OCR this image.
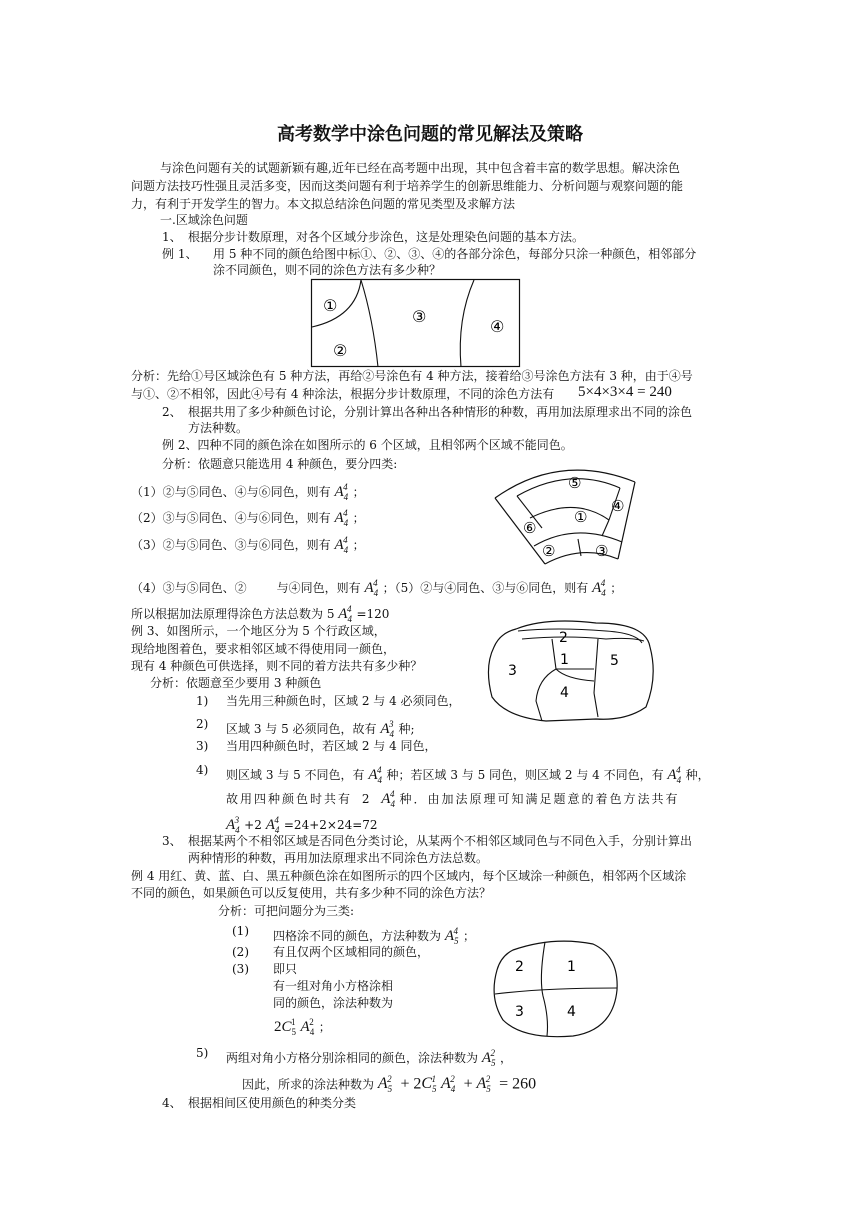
高考数学中涂色问题的常见解法及策略
与涂色问题有关的试题新颖有趣,近年已经在高考题中出现，其中包含着丰富的数学思想。解决涂色
问题方法技巧性强且灵活多变，因而这类问题有利于培养学生的创新思维能力、分析问题与观察问题的能
力，有利于开发学生的智力。本文拟总结涂色问题的常见类型及求解方法
一.区域涂色问题
1、 根据分步计数原理，对各个区域分步涂色，这是处理染色问题的基本方法。
例 1、 用 5 种不同的颜色给图中标①、②、③、④的各部分涂色，每部分只涂一种颜色，相邻部分
涂不同颜色，则不同的涂色方法有多少种？
①
②
③
④
分析：先给①号区域涂色有 5 种方法，再给②号涂色有 4 种方法，接着给③号涂色方法有 3 种，由于④号
与①、②不相邻，因此④号有 4 种涂法，根据分步计数原理，不同的涂色方法有 5×4×3×4 = 240
2、 根据共用了多少种颜色讨论，分别计算出各种出各种情形的种数，再用加法原理求出不同的涂色
方法种数。
例 2、四种不同的颜色涂在如图所示的 6 个区域，且相邻两个区域不能同色。
分析：依题意只能选用 4 种颜色，要分四类:
（1）②与⑤同色、④与⑥同色，则有 $A_4^4$ ；
（2）③与⑤同色、④与⑥同色，则有 $A_4^4$ ；
（3）②与⑤同色、③与⑥同色，则有 $A_4^4$ ；
⑤
①
④
⑥
②	③
（4）③与⑤同色、②	与④同色，则有 $A_4^4$ ；（5）②与④同色、③与⑥同色，则有 $A_4^4$ ；
所以根据加法原理得涂色方法总数为 5 $A_4^4 =120$
例 3、如图所示，一个地区分为 5 个行政区域，
现给地图着色，要求相邻区域不得使用同一颜色，
现有 4 种颜色可供选择，则不同的着方法共有多少种？
分析：依题意至少要用 3 种颜色
2
1	5
3
4
1) 当先用三种颜色时，区域 2 与 4 必须同色，
2) 区域 3 与 5 必须同色，故有 $A_4^3$ 种;
3) 当用四种颜色时，若区域 2 与 4 同色，
4) 则区域 3 与 5 不同色，有 $A_4^4$ 种；若区域 3 与 5 同色，则区域 2 与 4 不同色，有 $A_4^4$ 种，
故用四种颜色时共有 2 $A_4^4$ 种．由加法原理可知满足题意的着色方法共有
$A_4^3 +2$ $A_4^4 =24+2\times 24=72$
3、 根据某两个不相邻区域是否同色分类讨论，从某两个不相邻区域同色与不同色入手，分别计算出
两种情形的种数，再用加法原理求出不同涂色方法总数。
例 4 用红、黄、蓝、白、黑五种颜色涂在如图所示的四个区域内，每个区域涂一种颜色，相邻两个区域涂
不同的颜色，如果颜色可以反复使用，共有多少种不同的涂色方法？
分析：可把问题分为三类:
(1) 四格涂不同的颜色，方法种数为 $A_5^4$ ；
(2) 有且仅两个区域相同的颜色，
(3) 即只
有一组对角小方格涂相
同的颜色，涂法种数为
$2C_5^1$ $A_4^2$ ；
2	1
3	4
5) 两组对角小方格分别涂相同的颜色，涂法种数为 $A_5^2$ ，
因此，所求的涂法种数为 $A_5^2 + 2C_5^1$ $A_4^2 + A_5^2 = 260$
4、 根据相间区使用颜色的种类分类
